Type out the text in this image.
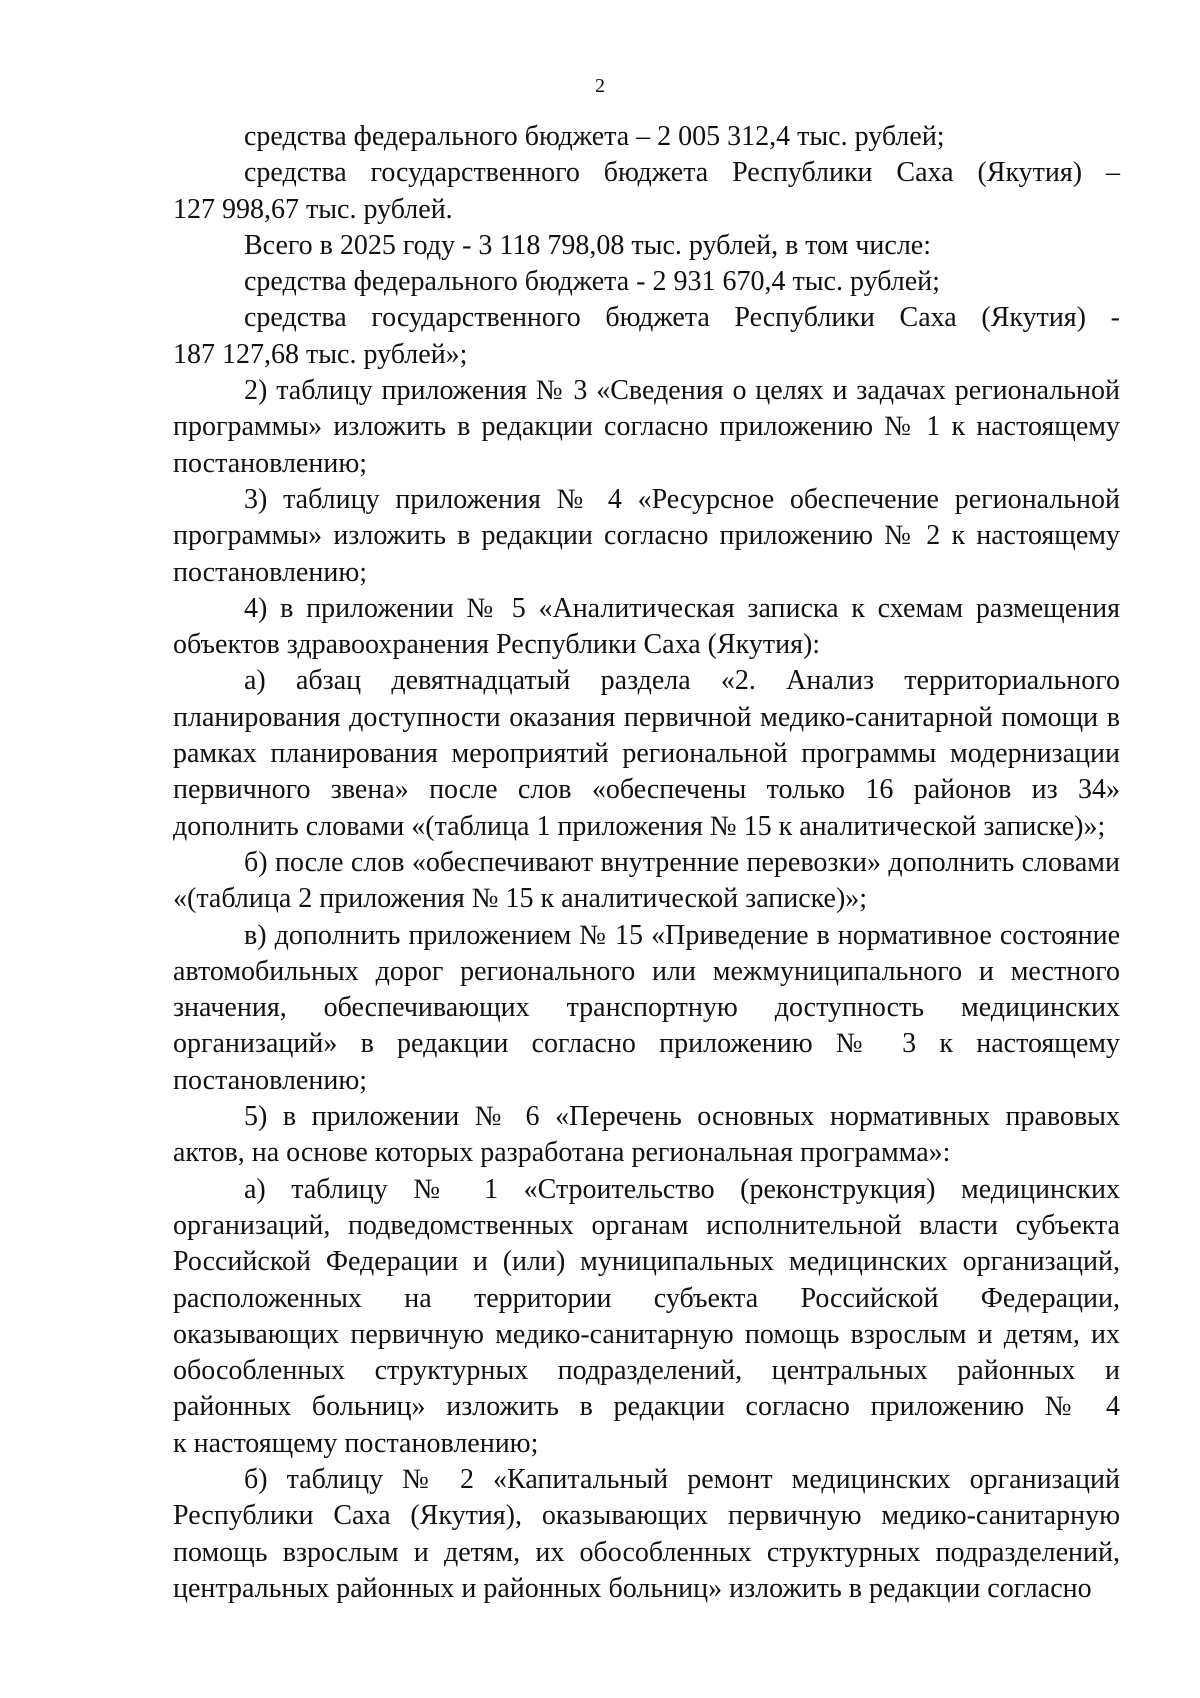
2
средства федерального бюджета – 2 005 312,4 тыс. рублей;
средства государственного бюджета Республики Саха (Якутия) –
127 998,67 тыс. рублей.
Всего в 2025 году - 3 118 798,08 тыс. рублей, в том числе:
средства федерального бюджета - 2 931 670,4 тыс. рублей;
средства государственного бюджета Республики Саха (Якутия) -
187 127,68 тыс. рублей»;
2) таблицу приложения № 3 «Сведения о целях и задачах региональной
программы» изложить в редакции согласно приложению № 1 к настоящему
постановлению;
3) таблицу приложения № 4 «Ресурсное обеспечение региональной
программы» изложить в редакции согласно приложению № 2 к настоящему
постановлению;
4) в приложении № 5 «Аналитическая записка к схемам размещения
объектов здравоохранения Республики Саха (Якутия):
а) абзац девятнадцатый раздела «2. Анализ территориального
планирования доступности оказания первичной медико-санитарной помощи в
рамках планирования мероприятий региональной программы модернизации
первичного звена» после слов «обеспечены только 16 районов из 34»
дополнить словами «(таблица 1 приложения № 15 к аналитической записке)»;
б) после слов «обеспечивают внутренние перевозки» дополнить словами
«(таблица 2 приложения № 15 к аналитической записке)»;
в) дополнить приложением № 15 «Приведение в нормативное состояние
автомобильных дорог регионального или межмуниципального и местного
значения, обеспечивающих транспортную доступность медицинских
организаций» в редакции согласно приложению № 3 к настоящему
постановлению;
5) в приложении № 6 «Перечень основных нормативных правовых
актов, на основе которых разработана региональная программа»:
а) таблицу № 1 «Строительство (реконструкция) медицинских
организаций, подведомственных органам исполнительной власти субъекта
Российской Федерации и (или) муниципальных медицинских организаций,
расположенных на территории субъекта Российской Федерации,
оказывающих первичную медико-санитарную помощь взрослым и детям, их
обособленных структурных подразделений, центральных районных и
районных больниц» изложить в редакции согласно приложению № 4
к настоящему постановлению;
б) таблицу № 2 «Капитальный ремонт медицинских организаций
Республики Саха (Якутия), оказывающих первичную медико-санитарную
помощь взрослым и детям, их обособленных структурных подразделений,
центральных районных и районных больниц» изложить в редакции согласно
